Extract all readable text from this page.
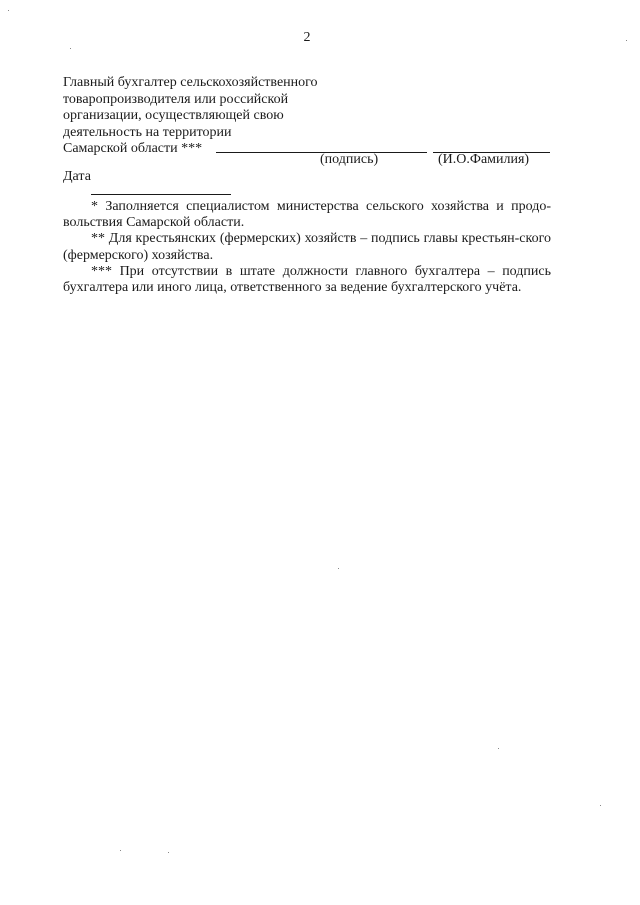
2
Главный бухгалтер сельскохозяйственного
товаропроизводителя или российской
организации, осуществляющей свою
деятельность на территории
Самарской области ***
(подпись)	(И.О.Фамилия)
Дата

* Заполняется специалистом министерства сельского хозяйства и продо-вольствия Самарской области.

** Для крестьянских (фермерских) хозяйств – подпись главы крестьян-ского (фермерского) хозяйства.

*** При отсутствии в штате должности главного бухгалтера – подпись бухгалтера или иного лица, ответственного за ведение бухгалтерского учёта.
